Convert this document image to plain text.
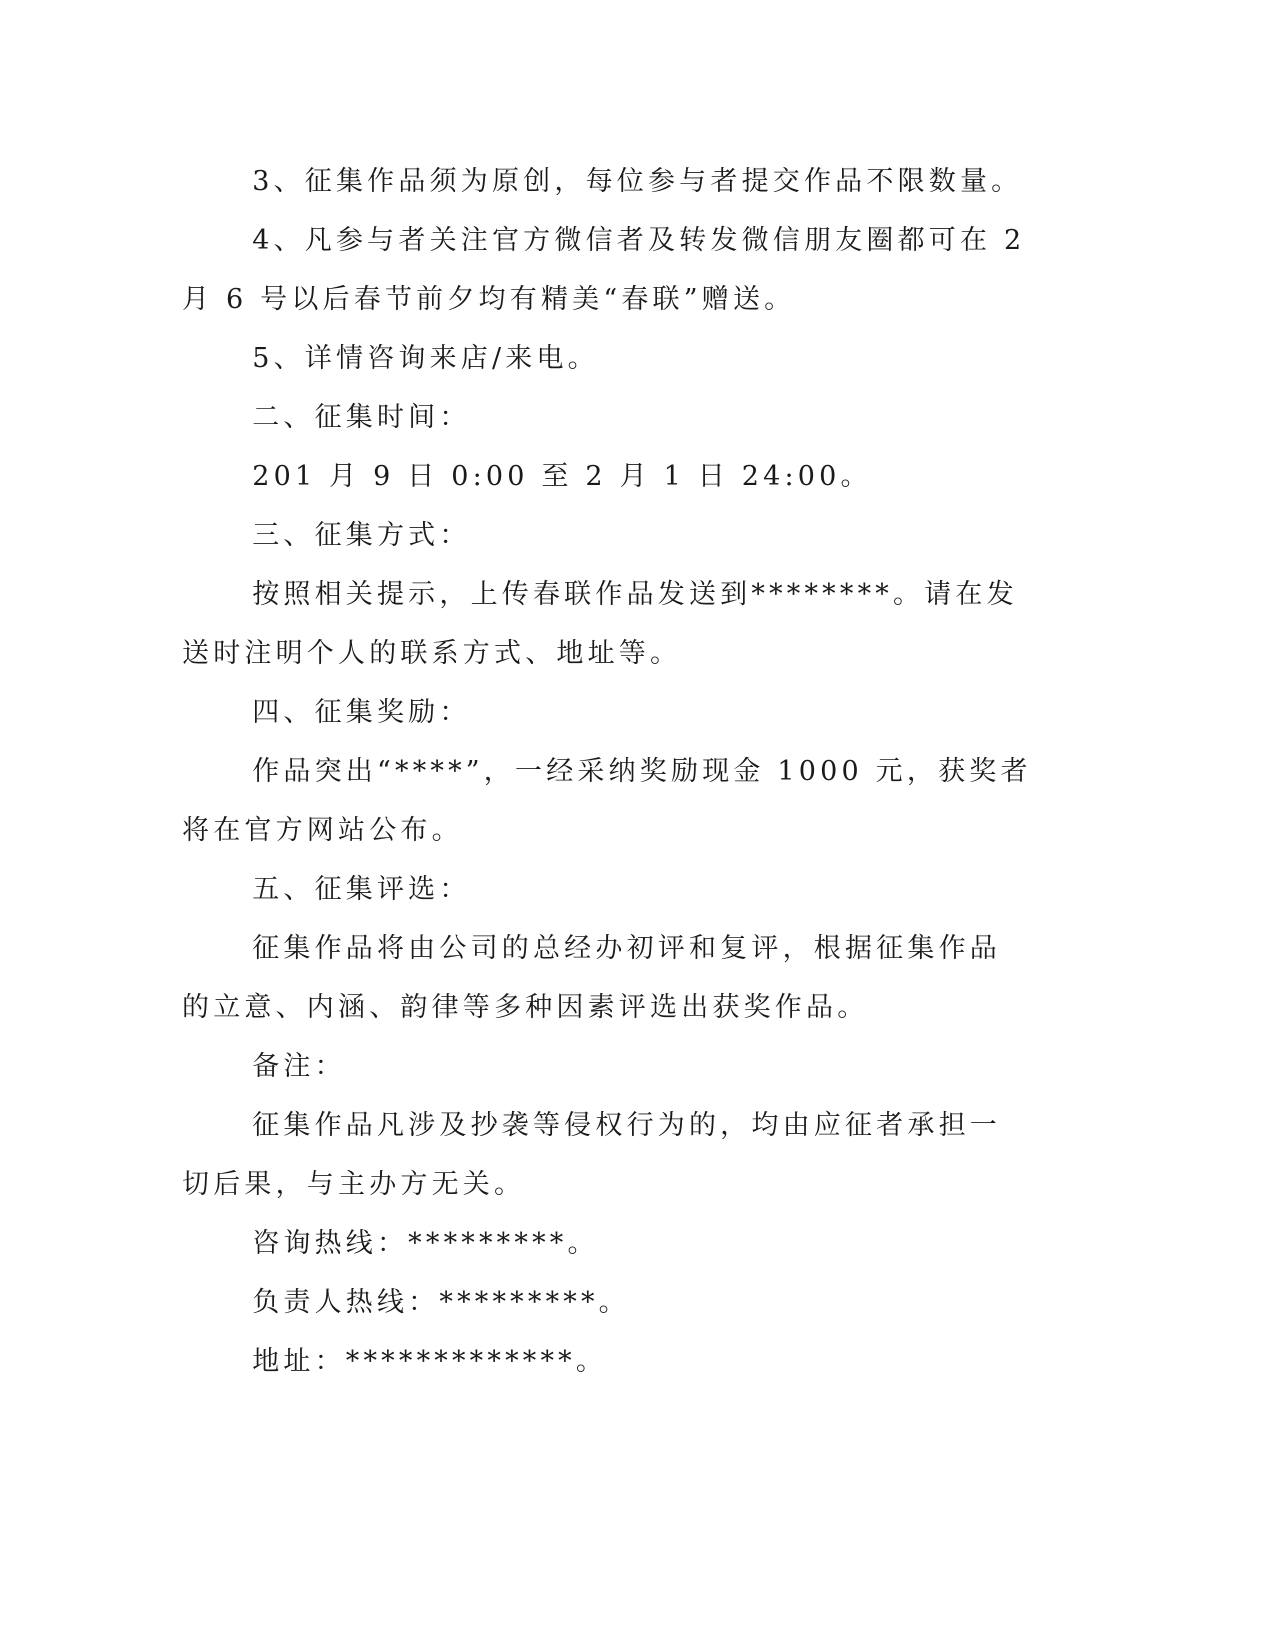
3、征集作品须为原创，每位参与者提交作品不限数量。

4、凡参与者关注官方微信者及转发微信朋友圈都可在 2 月 6 号以后春节前夕均有精美“春联”赠送。

5、详情咨询来店/来电。

二、征集时间：

201 月 9 日 0:00 至 2 月 1 日 24:00。

三、征集方式：

按照相关提示，上传春联作品发送到********。请在发送时注明个人的联系方式、地址等。

四、征集奖励：

作品突出“****”，一经采纳奖励现金 1000 元，获奖者将在官方网站公布。

五、征集评选：

征集作品将由公司的总经办初评和复评，根据征集作品的立意、内涵、韵律等多种因素评选出获奖作品。

备注：

征集作品凡涉及抄袭等侵权行为的，均由应征者承担一切后果，与主办方无关。

咨询热线：*********。

负责人热线：*********。

地址：*************。
